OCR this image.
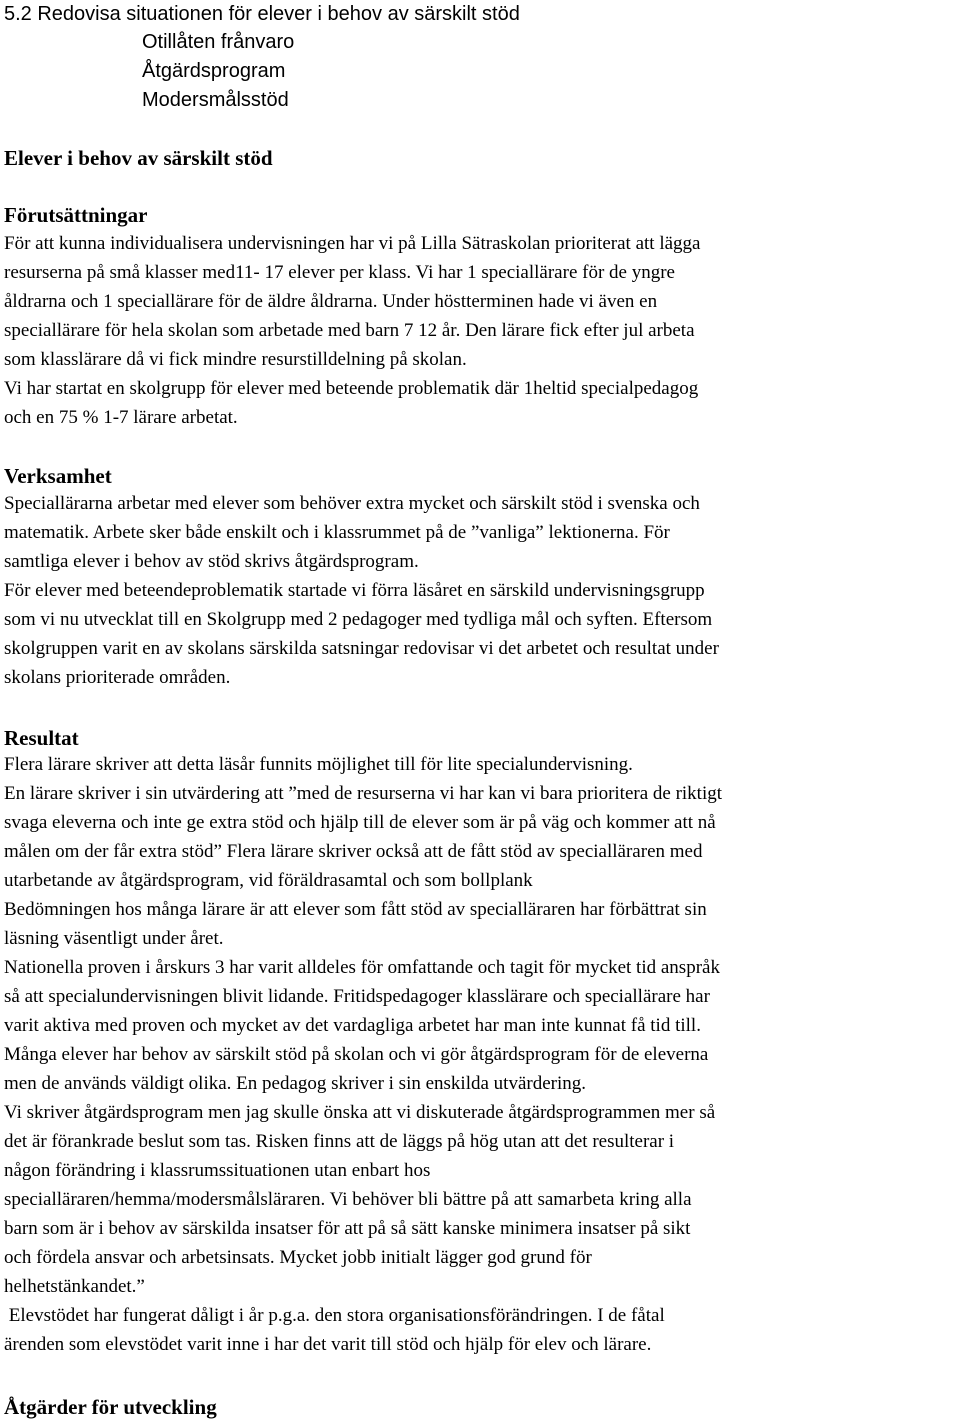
5.2 Redovisa situationen för elever i behov av särskilt stöd
Otillåten frånvaro
Åtgärdsprogram
Modersmålsstöd
Elever i behov av särskilt stöd
Förutsättningar
För att kunna individualisera undervisningen har vi på Lilla Sätraskolan prioriterat att lägga
resurserna på små klasser med11- 17 elever per klass. Vi har 1 speciallärare för de yngre
åldrarna och 1 speciallärare för de äldre åldrarna. Under höstterminen hade vi även en
speciallärare för hela skolan som arbetade med barn 7 12 år. Den lärare fick efter jul arbeta
som klasslärare då vi fick mindre resurstilldelning på skolan.
Vi har startat en skolgrupp för elever med beteende problematik där 1heltid specialpedagog
och en 75 % 1-7 lärare arbetat.
Verksamhet
Speciallärarna arbetar med elever som behöver extra mycket och särskilt stöd i svenska och
matematik. Arbete sker både enskilt och i klassrummet på de ”vanliga” lektionerna. För
samtliga elever i behov av stöd skrivs åtgärdsprogram.
För elever med beteendeproblematik startade vi förra läsåret en särskild undervisningsgrupp
som vi nu utvecklat till en Skolgrupp med 2 pedagoger med tydliga mål och syften. Eftersom
skolgruppen varit en av skolans särskilda satsningar redovisar vi det arbetet och resultat under
skolans prioriterade områden.
Resultat
Flera lärare skriver att detta läsår funnits möjlighet till för lite specialundervisning.
En lärare skriver i sin utvärdering att ”med de resurserna vi har kan vi bara prioritera de riktigt
svaga eleverna och inte ge extra stöd och hjälp till de elever som är på väg och kommer att nå
målen om der får extra stöd” Flera lärare skriver också att de fått stöd av specialläraren med
utarbetande av åtgärdsprogram, vid föräldrasamtal och som bollplank
Bedömningen hos många lärare är att elever som fått stöd av specialläraren har förbättrat sin
läsning väsentligt under året.
Nationella proven i årskurs 3 har varit alldeles för omfattande och tagit för mycket tid anspråk
så att specialundervisningen blivit lidande. Fritidspedagoger klasslärare och speciallärare har
varit aktiva med proven och mycket av det vardagliga arbetet har man inte kunnat få tid till.
Många elever har behov av särskilt stöd på skolan och vi gör åtgärdsprogram för de eleverna
men de används väldigt olika. En pedagog skriver i sin enskilda utvärdering.
Vi skriver åtgärdsprogram men jag skulle önska att vi diskuterade åtgärdsprogrammen mer så
det är förankrade beslut som tas. Risken finns att de läggs på hög utan att det resulterar i
någon förändring i klassrumssituationen utan enbart hos
specialläraren/hemma/modersmålsläraren. Vi behöver bli bättre på att samarbeta kring alla
barn som är i behov av särskilda insatser för att på så sätt kanske minimera insatser på sikt
och fördela ansvar och arbetsinsats. Mycket jobb initialt lägger god grund för
helhetstänkandet.”
Elevstödet har fungerat dåligt i år p.g.a. den stora organisationsförändringen. I de fåtal
ärenden som elevstödet varit inne i har det varit till stöd och hjälp för elev och lärare.
Åtgärder för utveckling
